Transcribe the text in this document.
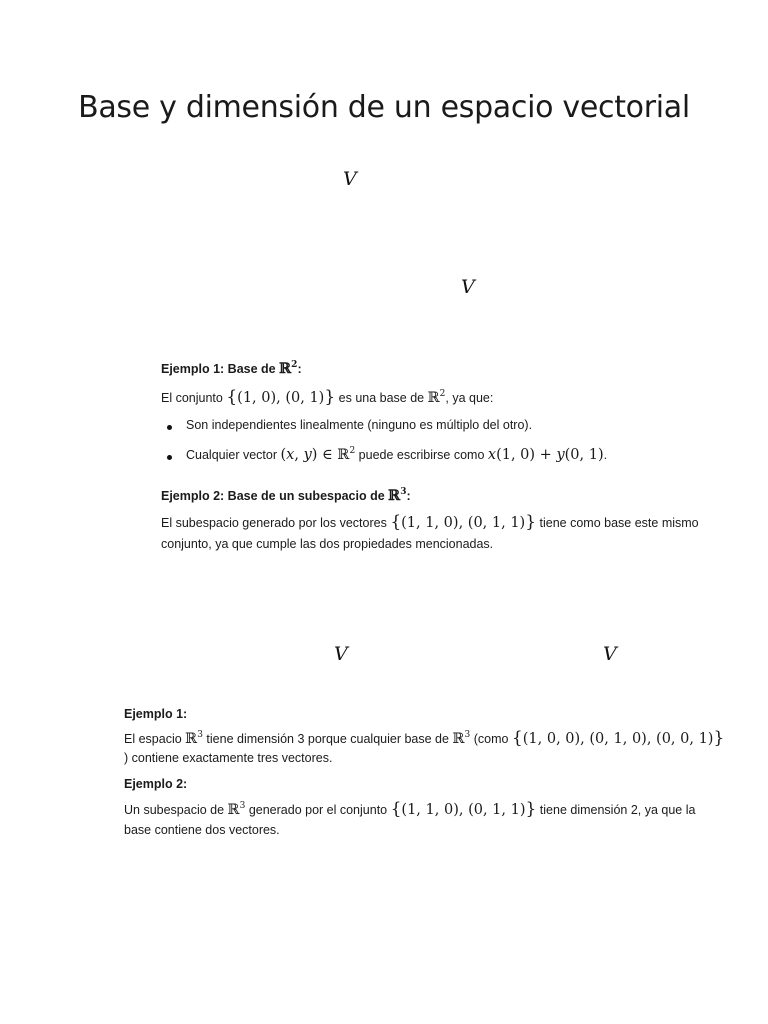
Base y dimensión de un espacio vectorial
V
V
V	V
Ejemplo 1: Base de ℝ$^2$:
El conjunto {(1, 0), (0, 1)} es una base de ℝ$^2$, ya que:
Son independientes linealmente (ninguno es múltiplo del otro).
Cualquier vector (x, y) ∈ ℝ$^2$ puede escribirse como x(1, 0) + y(0, 1).
Ejemplo 2: Base de un subespacio de ℝ$^3$:
El subespacio generado por los vectores {(1, 1, 0), (0, 1, 1)} tiene como base este mismo
conjunto, ya que cumple las dos propiedades mencionadas.
Ejemplo 1:
El espacio ℝ$^3$ tiene dimensión 3 porque cualquier base de ℝ$^3$ (como {(1, 0, 0), (0, 1, 0), (0, 0, 1)}
) contiene exactamente tres vectores.
Ejemplo 2:
Un subespacio de ℝ$^3$ generado por el conjunto {(1, 1, 0), (0, 1, 1)} tiene dimensión 2, ya que la
base contiene dos vectores.
